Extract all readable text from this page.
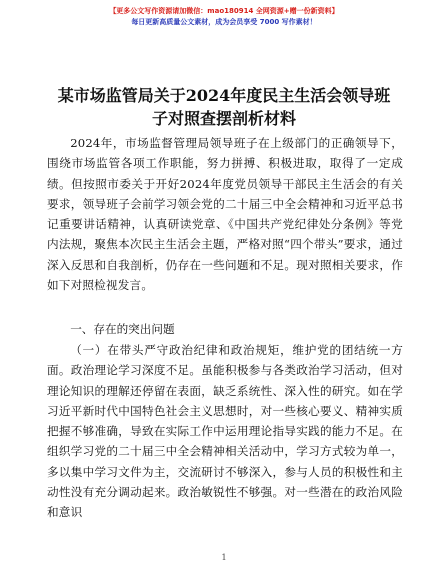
【更多公文写作资源请加微信：mao180914 全网资源+赠一份新资料】
每日更新高质量公文素材，成为会员享受 7000 写作素材！
某市场监管局关于2024年度民主生活会领导班子对照查摆剖析材料

2024年，市场监督管理局领导班子在上级部门的正确领导下，围绕市场监管各项工作职能，努力拼搏、积极进取，取得了一定成绩。但按照市委关于开好2024年度党员领导干部民主生活会的有关要求，领导班子会前学习领会党的二十届三中全会精神和习近平总书记重要讲话精神，认真研读党章、《中国共产党纪律处分条例》等党内法规，聚焦本次民主生活会主题，严格对照“四个带头”要求，通过深入反思和自我剖析，仍存在一些问题和不足。现对照相关要求，作如下对照检视发言。

一、存在的突出问题

（一）在带头严守政治纪律和政治规矩，维护党的团结统一方面。政治理论学习深度不足。虽能积极参与各类政治学习活动，但对理论知识的理解还停留在表面，缺乏系统性、深入性的研究。如在学习近平新时代中国特色社会主义思想时，对一些核心要义、精神实质把握不够准确，导致在实际工作中运用理论指导实践的能力不足。在组织学习党的二十届三中全会精神相关活动中，学习方式较为单一，多以集中学习文件为主，交流研讨不够深入，参与人员的积极性和主动性没有充分调动起来。政治敏锐性不够强。对一些潜在的政治风险和意识

1
